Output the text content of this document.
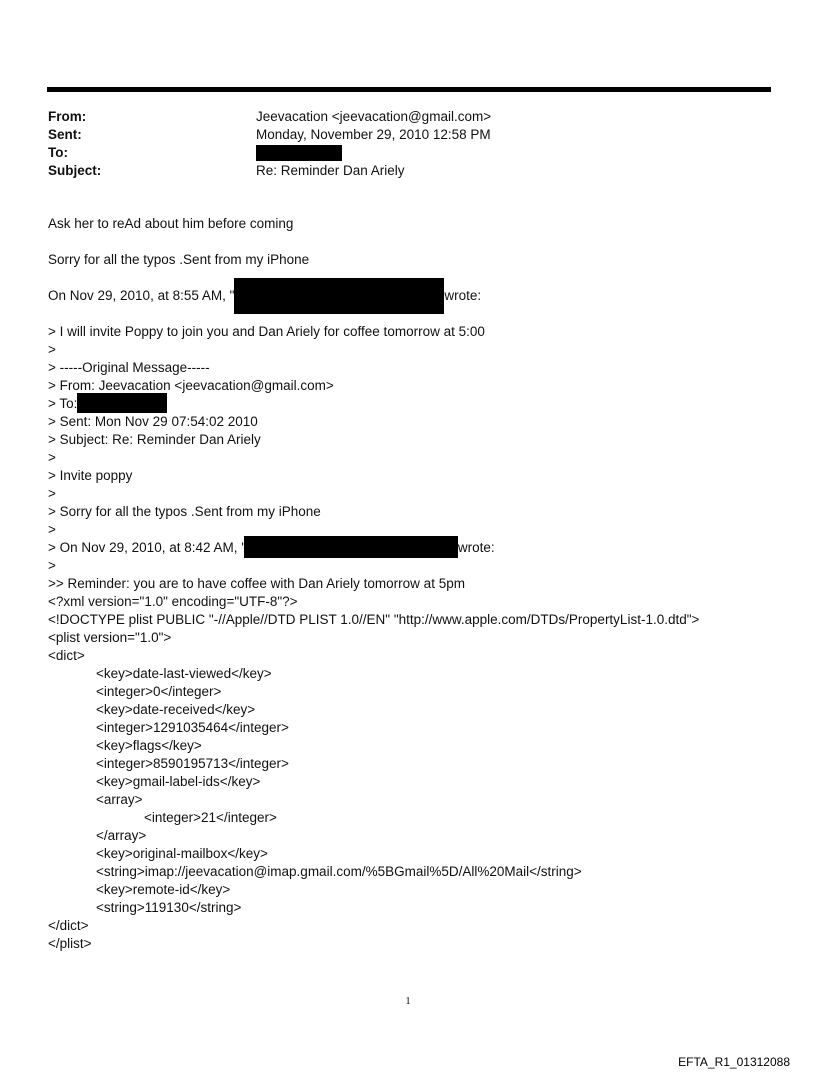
From:	Jeevacation <jeevacation@gmail.com>
Sent:	Monday, November 29, 2010 12:58 PM
To:
Subject:	Re: Reminder Dan Ariely
Ask her to reAd about him before coming
Sorry for all the typos .Sent from my iPhone
On Nov 29, 2010, at 8:55 AM, "	wrote:
> I will invite Poppy to join you and Dan Ariely for coffee tomorrow at 5:00
>
> -----Original Message-----
> From: Jeevacation <jeevacation@gmail.com>
> To:
> Sent: Mon Nov 29 07:54:02 2010
> Subject: Re: Reminder Dan Ariely
>
> Invite poppy
>
> Sorry for all the typos .Sent from my iPhone
>
> On Nov 29, 2010, at 8:42 AM, '	wrote:
>
>> Reminder: you are to have coffee with Dan Ariely tomorrow at 5pm
<?xml version="1.0" encoding="UTF-8"?>
<!DOCTYPE plist PUBLIC "-//Apple//DTD PLIST 1.0//EN" "http://www.apple.com/DTDs/PropertyList-1.0.dtd">
<plist version="1.0">
<dict>
<key>date-last-viewed</key>
<integer>0</integer>
<key>date-received</key>
<integer>1291035464</integer>
<key>flags</key>
<integer>8590195713</integer>
<key>gmail-label-ids</key>
<array>
<integer>21</integer>
</array>
<key>original-mailbox</key>
<string>imap://jeevacation@imap.gmail.com/%5BGmail%5D/All%20Mail</string>
<key>remote-id</key>
<string>119130</string>
</dict>
</plist>
1
EFTA_R1_01312088
